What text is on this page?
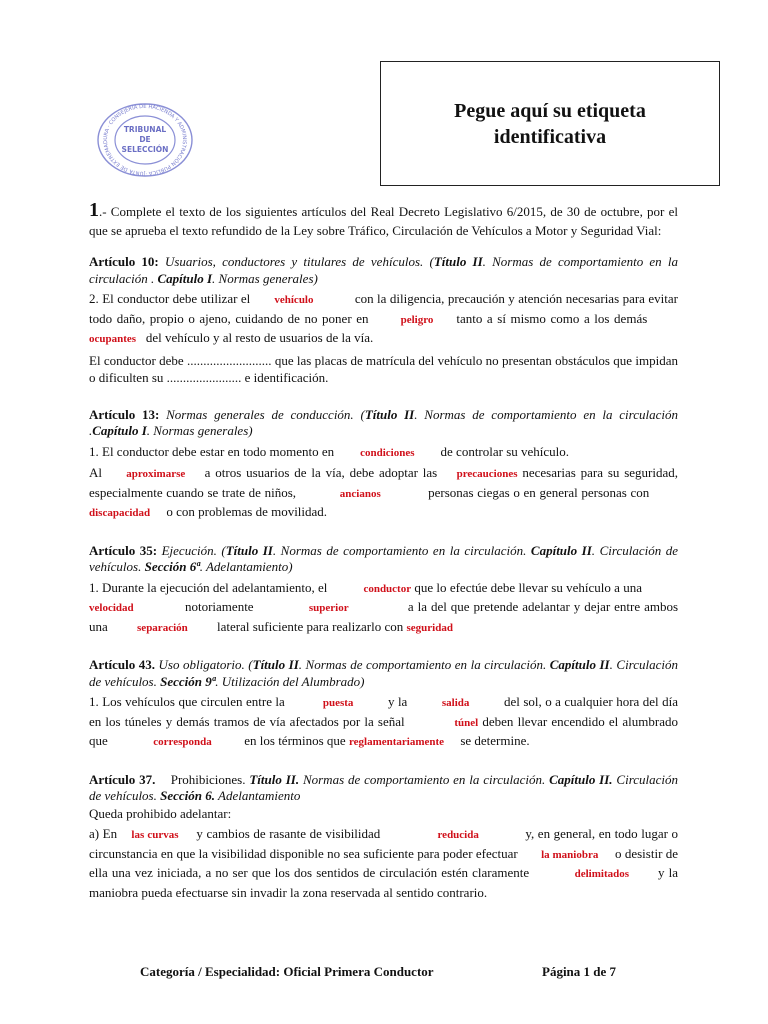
JUNTA DE EXTREMADURA · CONSEJERÍA DE HACIENDA Y ADMINISTRACIÓN PÚBLICA ·
TRIBUNAL
DE
SELECCIÓN
Pegue aquí su etiqueta
identificativa

1.- Complete el texto de los siguientes artículos del Real Decreto Legislativo 6/2015, de 30 de octubre, por el que se aprueba el texto refundido de la Ley sobre Tráfico, Circulación de Vehículos a Motor y Seguridad Vial:

Artículo 10: Usuarios, conductores y titulares de vehículos. (Título II. Normas de comportamiento en la circulación . Capítulo I. Normas generales)

2. El conductor debe utilizar el vehículo	con la diligencia, precaución y atención necesarias para evitar todo daño, propio o ajeno, cuidando de no poner en	peligro tanto a sí mismo como a los demás        ocupantes del vehículo y al resto de usuarios de la vía.

El conductor debe .......................... que las placas de matrícula del vehículo no presentan obstáculos que impidan o dificulten su ....................... e identificación.

Artículo 13: Normas generales de conducción. (Título II. Normas de comportamiento en la circulación .Capítulo I. Normas generales)

1. El conductor debe estar en todo momento en condiciones de controlar su vehículo.

Al aproximarse a otros usuarios de la vía, debe adoptar las precauciones necesarias para su seguridad, especialmente cuando se trate de niños,	ancianos	personas ciegas o en general personas con         discapacidad o con problemas de movilidad.

Artículo 35: Ejecución. (Título II. Normas de comportamiento en la circulación. Capítulo II. Circulación de vehículos. Sección 6ª. Adelantamiento)

1. Durante la ejecución del adelantamiento, el	conductor que lo efectúe debe llevar su vehículo a una            velocidad	notoriamente	superior	a la del que pretende adelantar y dejar entre ambos una	separación lateral suficiente para realizarlo con seguridad

Artículo 43. Uso obligatorio. (Título II. Normas de comportamiento en la circulación. Capítulo II. Circulación de vehículos. Sección 9ª. Utilización del Alumbrado)

1. Los vehículos que circulen entre la	puesta	y la	salida	del sol, o a cualquier hora del día en los túneles y demás tramos de vía afectados por la señal	túnel deben llevar encendido el alumbrado que	corresponda	en los términos que reglamentariamente se determine.

Artículo 37. Prohibiciones. Título II. Normas de comportamiento en la circulación. Capítulo II. Circulación de vehículos. Sección 6. Adelantamiento

Queda prohibido adelantar:

a) En las curvas y cambios de rasante de visibilidad	reducida	y, en general, en todo lugar o circunstancia en que la visibilidad disponible no sea suficiente para poder efectuar la maniobra o desistir de ella una vez iniciada, a no ser que los dos sentidos de circulación estén claramente	delimitados y la maniobra pueda efectuarse sin invadir la zona reservada al sentido contrario.

Categoría / Especialidad: Oficial Primera Conductor	Página 1 de 7
